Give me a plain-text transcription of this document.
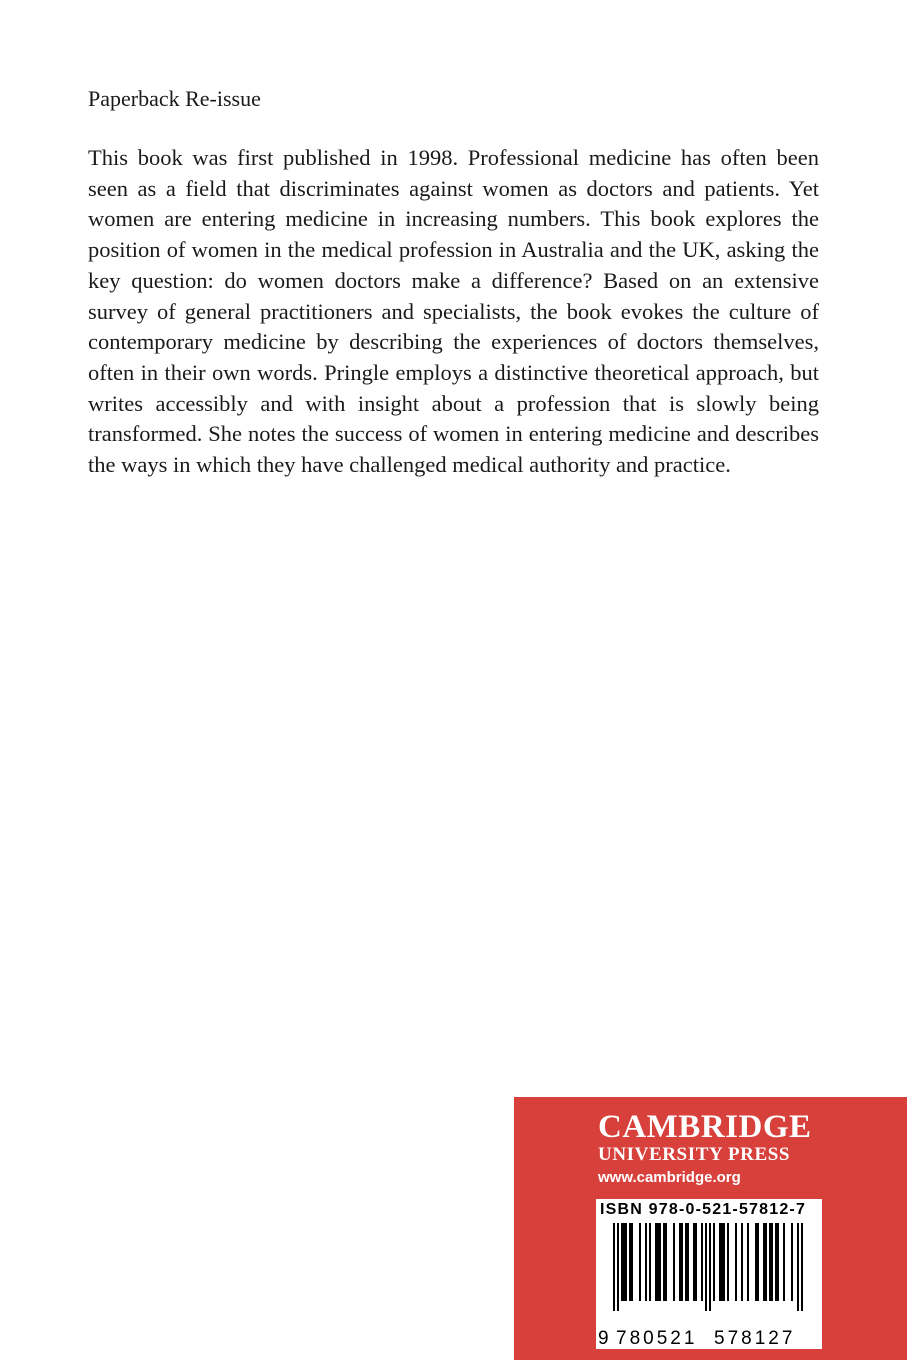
Paperback Re-issue

This book was first published in 1998. Professional medicine has often been seen as a field that discriminates against women as doctors and patients. Yet women are entering medicine in increasing numbers. This book explores the position of women in the medical profession in Australia and the UK, asking the key question: do women doctors make a difference? Based on an extensive survey of general practitioners and specialists, the book evokes the culture of contemporary medicine by describing the experiences of doctors themselves, often in their own words. Pringle employs a distinctive theoretical approach, but writes accessibly and with insight about a profession that is slowly being transformed. She notes the success of women in entering medicine and describes the ways in which they have challenged medical authority and practice.

CAMBRIDGE
UNIVERSITY PRESS
www.cambridge.org
ISBN 978-0-521-57812-7
9 780521 578127
